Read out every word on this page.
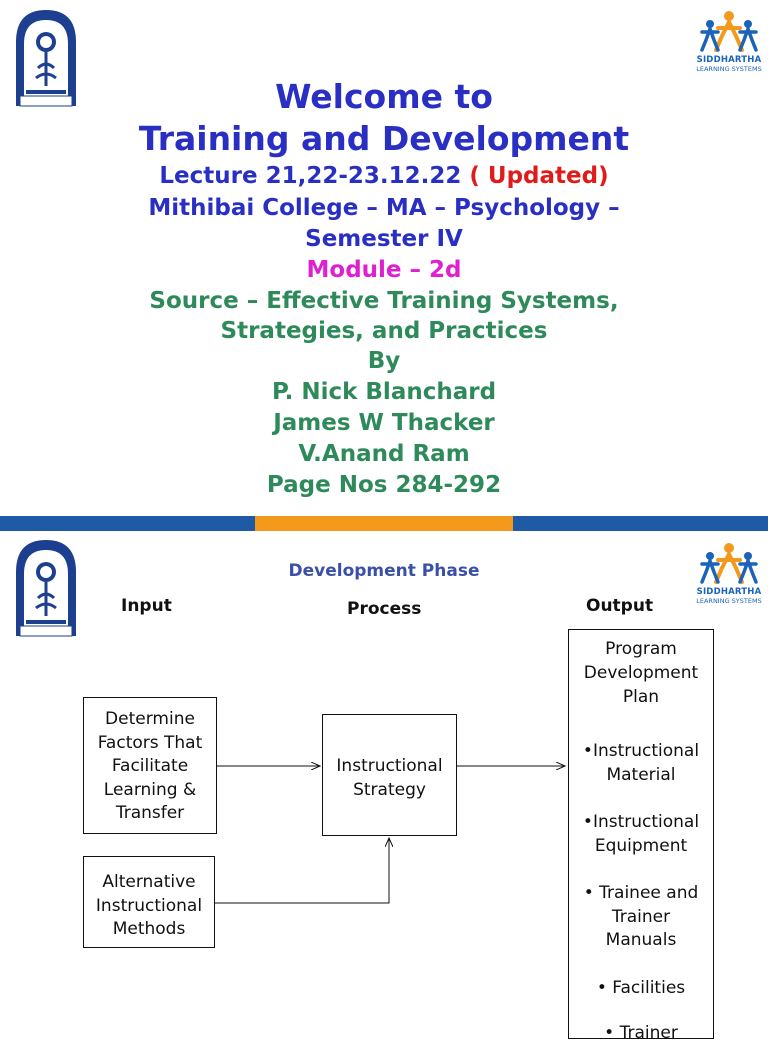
SIDDHARTHA
LEARNING SYSTEMS
Welcome to
Training and Development
Lecture 21,22-23.12.22 ( Updated)
Mithibai College – MA – Psychology –
Semester IV
Module – 2d
Source – Effective Training Systems,
Strategies, and Practices
By
P. Nick Blanchard
James W Thacker
V.Anand Ram
Page Nos 284-292
SIDDHARTHA
LEARNING SYSTEMS
Development Phase
Input	Process	Output
Determine
Factors That
Facilitate
Learning &
Transfer
Alternative
Instructional
Methods
Instructional
Strategy
Program
Development
Plan
•Instructional
Material
•Instructional
Equipment
• Trainee and
Trainer
Manuals
• Facilities
• Trainer
